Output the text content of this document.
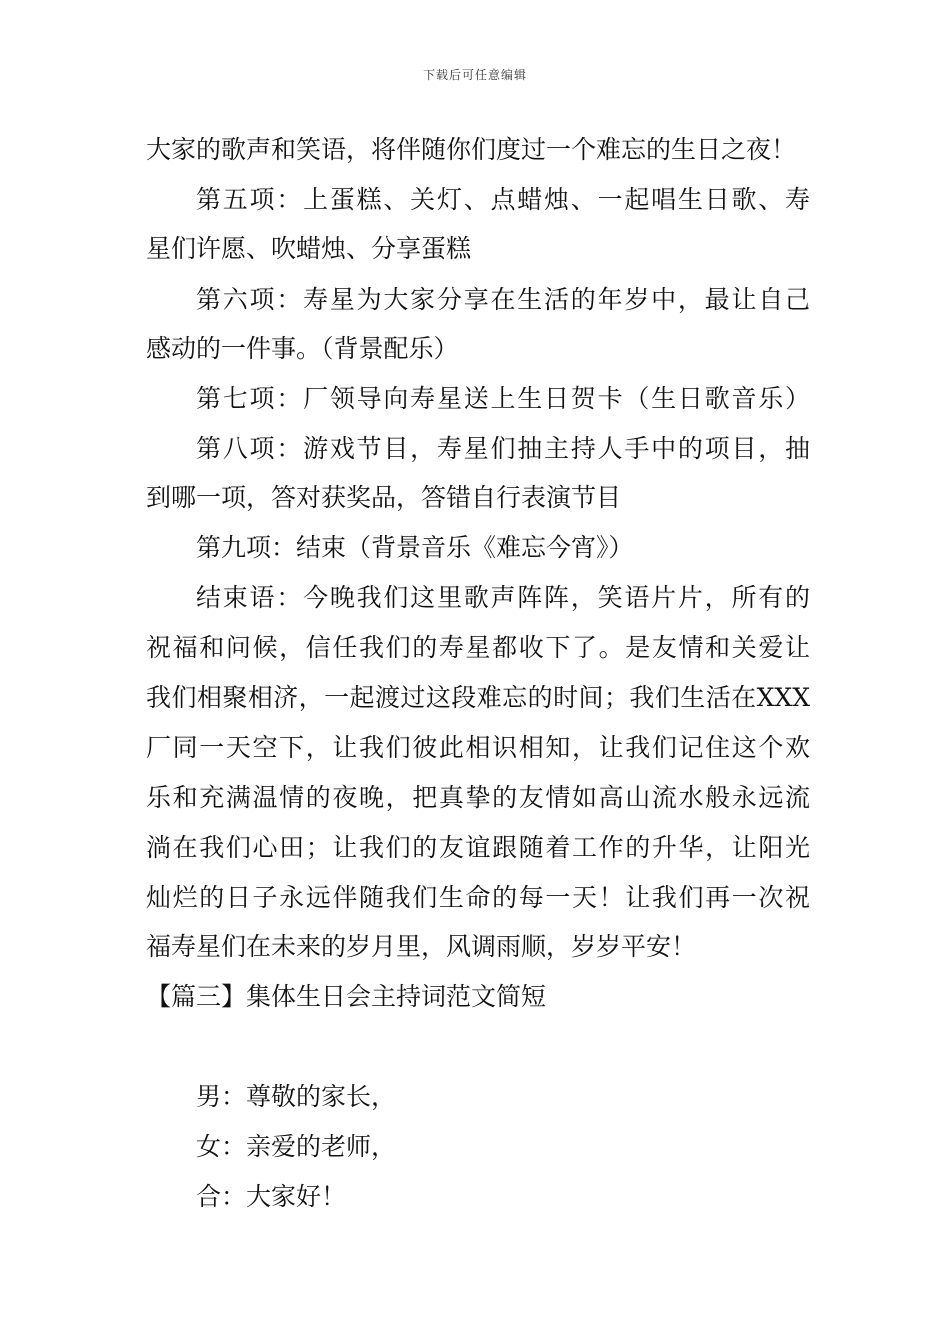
下载后可任意编辑
大家的歌声和笑语，将伴随你们度过一个难忘的生日之夜！
第五项：上蛋糕、关灯、点蜡烛、一起唱生日歌、寿
星们许愿、吹蜡烛、分享蛋糕
第六项：寿星为大家分享在生活的年岁中，最让自己
感动的一件事。（背景配乐）
第七项：厂领导向寿星送上生日贺卡（生日歌音乐）
第八项：游戏节目，寿星们抽主持人手中的项目，抽
到哪一项，答对获奖品，答错自行表演节目
第九项：结束（背景音乐《难忘今宵》）
结束语：今晚我们这里歌声阵阵，笑语片片，所有的
祝福和问候，信任我们的寿星都收下了。是友情和关爱让
我们相聚相济，一起渡过这段难忘的时间；我们生活在XXX
厂同一天空下，让我们彼此相识相知，让我们记住这个欢
乐和充满温情的夜晚，把真挚的友情如高山流水般永远流
淌在我们心田；让我们的友谊跟随着工作的升华，让阳光
灿烂的日子永远伴随我们生命的每一天！让我们再一次祝
福寿星们在未来的岁月里，风调雨顺，岁岁平安！
【篇三】集体生日会主持词范文简短
男：尊敬的家长，
女：亲爱的老师，
合：大家好！
